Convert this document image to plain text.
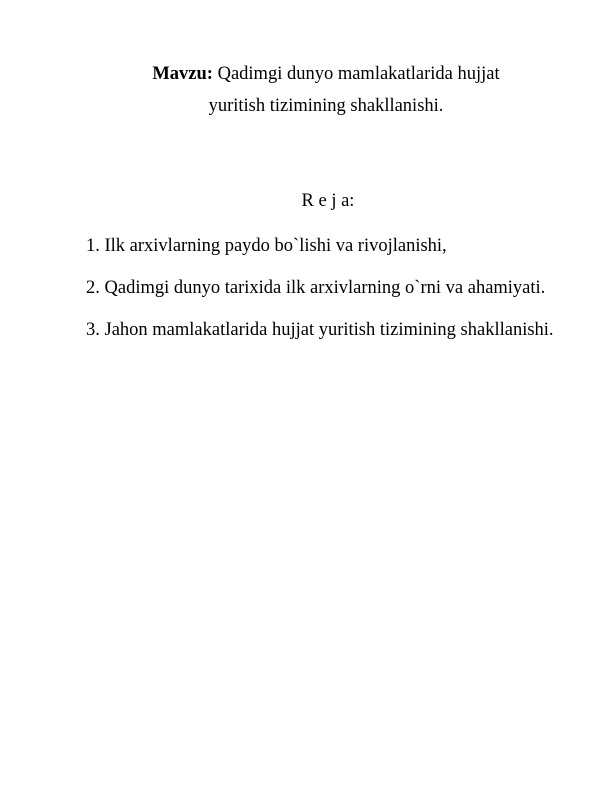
Mavzu: Qadimgi dunyo mamlakatlarida hujjat
yuritish tizimining shakllanishi.
R e j a:

1. Ilk arxivlarning paydo bo`lishi va rivojlanishi,

2. Qadimgi dunyo tarixida ilk arxivlarning o`rni va ahamiyati.

3. Jahon mamlakatlarida hujjat yuritish tizimining shakllanishi.
